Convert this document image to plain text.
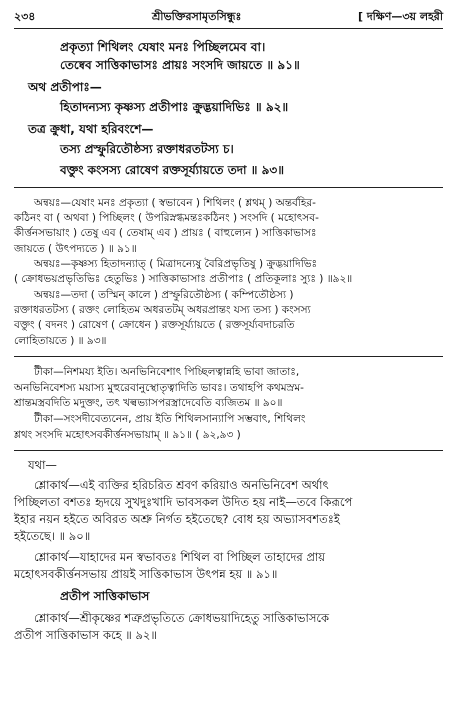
২৩৪	শ্রীভক্তিরসামৃতসিন্ধুঃ	[ দক্ষিণ—৩য় লহরী
প্রকৃত্যা শিথিলং যেষাং মনঃ পিচ্ছিলমেব বা।
তেষ্বেব সাত্তিকাভাসঃ প্রায়ঃ সংসদি জায়তে ॥ ৯১॥
অথ প্রতীপাঃ—
হিতাদন্যস্য কৃষ্ণস্য প্রতীপাঃ ক্রুদ্ভয়াদিভিঃ ॥ ৯২॥
তত্র ক্রুধা, যথা হরিবংশে—
তস্য প্রস্ফুরিতৌষ্ঠস্য রক্তাধরতটস্য চ।
বক্তুং কংসস্য রোষেণ রক্তসূর্য্যায়তে তদা ॥ ৯৩॥
অন্বয়ঃ—যেষাং মনঃ প্রকৃত্যা ( স্বভাবেন ) শিথিলং ( শ্লথম্ ) অন্তর্বহির-
কঠিনং বা ( অথবা ) পিচ্ছিলং ( উপরিস্নগ্ধমন্তঃকঠিনং ) সংসদি ( মহোৎসব-
কীর্ত্তনসভায়াং ) তেষু এব ( তেষাম্ এব ) প্রায়ঃ ( বাহুল্যেন ) সাত্তিকাভাসঃ
জায়তে ( উৎপদ্যতে ) ॥ ৯১॥
অন্বয়ঃ—কৃষ্ণস্য হিতাদন্যাত্ ( মিত্রাদন্যেষু বৈরিপ্রভৃতিষু ) ক্রুদ্ভয়াদিভিঃ
( ক্রোধভয়প্রভৃতিভিঃ হেতুভিঃ ) সাত্তিকাভাসাঃ প্রতীপাঃ ( প্রতিকূলাঃ স্যুঃ ) ॥৯২॥
অন্বয়ঃ—তদা ( তস্মিন্ কালে ) প্রস্ফুরিতৌষ্ঠস্য ( কম্পিতৌষ্ঠস্য )
রক্তাধরতটস্য ( রক্তং লোহিতম অধরতটম্ অধরপ্রান্তং যস্য তস্য ) কংসস্য
বক্তুং ( বদনং ) রোষেণ ( ক্রোধেন ) রক্তসূর্য্যায়তে ( রক্তসূর্য্যবদাচরতি
লোহিতায়তে ) ॥ ৯৩॥
টীকা—নিশময্য ইতি। অনভিনিবেশাৎ পিচ্ছিলত্বান্নহি ভাবা জাতাঃ,
অনভিনিবেশস্য ময়াস্য মুহুরেবানুস্থোতৃত্বাদিতি ভাবঃ। তথাহপি কথমস্রম-
শ্রান্তমস্ত্রবদিতি মদুক্তং, তৎ খল্বভ্যাসপরস্ত্রাদেবেতি ব্যজিতম ॥ ৯০॥
টীকা—সংসদীবেত্যনেন, প্রায় ইতি শিথিলসান্যাপি সম্ভবাৎ, শিথিলং
শ্লথং সংসদি মহোৎসবকীর্ত্তনসভায়াম্ ॥ ৯১॥ ( ৯২,৯৩ )
যথা—
শ্লোকার্থ—এই ব্যক্তির হরিচরিত শ্রবণ করিয়াও অনভিনিবেশ অর্থাৎ
পিচ্ছিলতা বশতঃ হৃদয়ে সুখদুঃখাদি ভাবসকল উদিত হয় নাই—তবে কিরূপে
ইহার নয়ন হইতে অবিরত অশ্রু নির্গত হইতেছে? বোধ হয় অভ্যাসবশতঃই
হইতেছে। ॥ ৯০॥
শ্লোকার্থ—যাহাদের মন স্বভাবতঃ শিথিল বা পিচ্ছিল তাহাদের প্রায়
মহোৎসবকীর্ত্তনসভায় প্রায়ই সাত্তিকাভাস উৎপন্ন হয় ॥ ৯১॥
প্রতীপ সাত্তিকাভাস
শ্লোকার্থ—শ্রীকৃষ্ণের শত্রুপ্রভৃতিতে ক্রোধভয়াদিহেতু সাত্তিকাভাসকে
প্রতীপ সাত্তিকাভাস কহে ॥ ৯২॥
